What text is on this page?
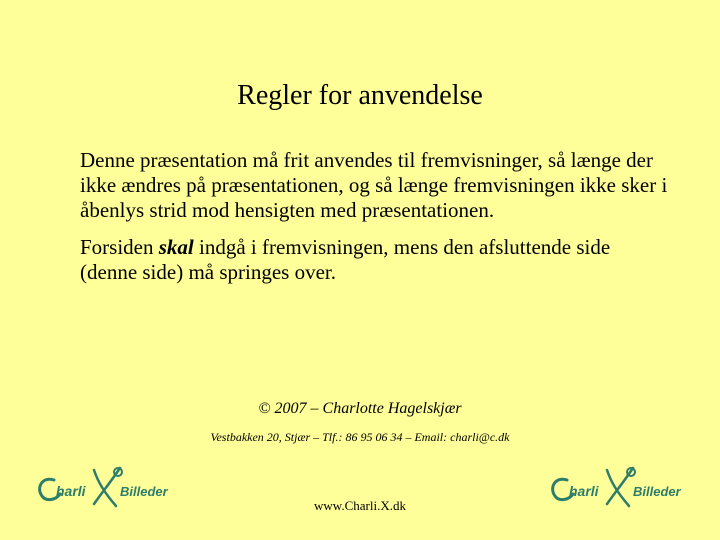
Regler for anvendelse

Denne præsentation må frit anvendes til fremvisninger, så længe der ikke ændres på præsentationen, og så længe fremvisningen ikke sker i åbenlys strid mod hensigten med præsentationen.

Forsiden skal indgå i fremvisningen, mens den afsluttende side (denne side) må springes over.

© 2007 – Charlotte Hagelskjær
Vestbakken 20, Stjær – Tlf.: 86 95 06 34 – Email: charli@c.dk
www.Charli.X.dk
harli	Billeder	harli	Billeder
